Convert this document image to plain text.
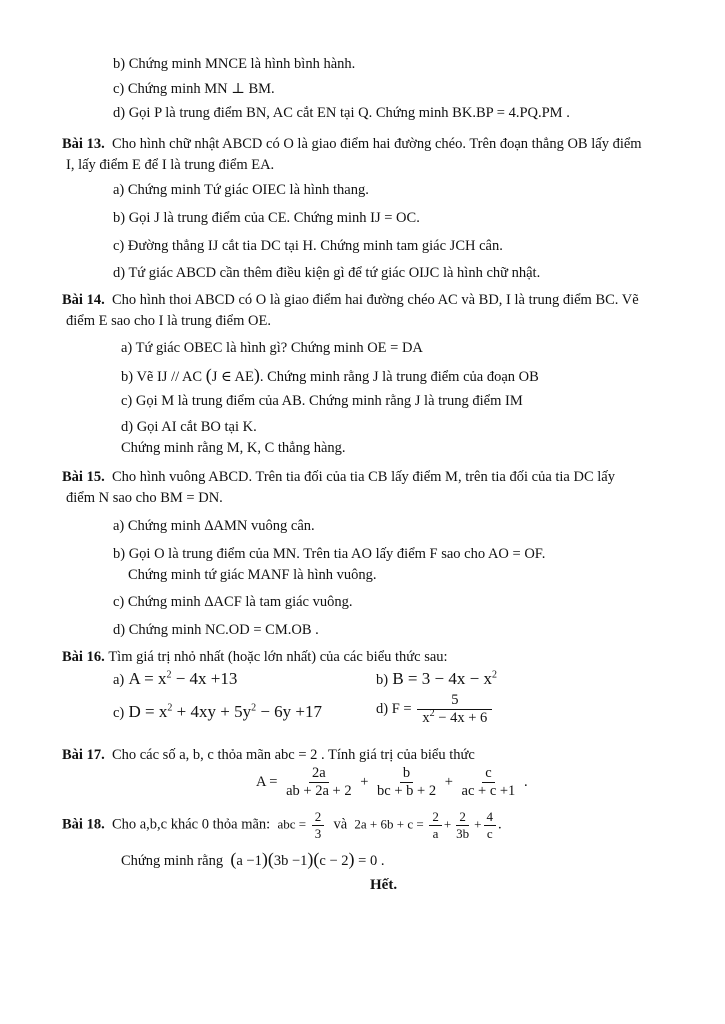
b) Chứng minh MNCE là hình bình hành.
c) Chứng minh MN ⊥ BM.
d) Gọi P là trung điểm BN, AC cắt EN tại Q. Chứng minh BK.BP = 4.PQ.PM .
Bài 13. Cho hình chữ nhật ABCD có O là giao điểm hai đường chéo. Trên đoạn thẳng OB lấy điểm
I, lấy điểm E để I là trung điểm EA.
a) Chứng minh Tứ giác OIEC là hình thang.
b) Gọi J là trung điểm của CE. Chứng minh IJ = OC.
c) Đường thẳng IJ cắt tia DC tại H. Chứng minh tam giác JCH cân.
d) Tứ giác ABCD cần thêm điều kiện gì để tứ giác OIJC là hình chữ nhật.
Bài 14. Cho hình thoi ABCD có O là giao điểm hai đường chéo AC và BD, I là trung điểm BC. Vẽ
điểm E sao cho I là trung điểm OE.
a) Tứ giác OBEC là hình gì? Chứng minh OE = DA
b) Vẽ IJ // AC (J ∈ AE). Chứng minh rằng J là trung điểm của đoạn OB
c) Gọi M là trung điểm của AB. Chứng minh rằng J là trung điểm IM
d) Gọi AI cắt BO tại K.
Chứng minh rằng M, K, C thẳng hàng.
Bài 15. Cho hình vuông ABCD. Trên tia đối của tia CB lấy điểm M, trên tia đối của tia DC lấy
điểm N sao cho BM = DN.
a) Chứng minh ΔAMN vuông cân.
b) Gọi O là trung điểm của MN. Trên tia AO lấy điểm F sao cho AO = OF.
Chứng minh tứ giác MANF là hình vuông.
c) Chứng minh ΔACF là tam giác vuông.
d) Chứng minh NC.OD = CM.OB .
Bài 16. Tìm giá trị nhỏ nhất (hoặc lớn nhất) của các biểu thức sau:
a) $A = x^2 - 4x +13$	b) $B = 3 - 4x - x^2$
c) $D = x^2 + 4xy + 5y^2 - 6y +17$	d) $F = \frac{5}{x^2 - 4x + 6}$
Bài 17. Cho các số a, b, c thỏa mãn abc = 2 . Tính giá trị của biểu thức
$A = \frac{2a}{ab + 2a + 2} + \frac{b}{bc + b + 2} + \frac{c}{ac + c +1}$ .
Bài 18. Cho a,b,c khác 0 thỏa mãn: abc = $\frac{2}{3}$ và $2a + 6b + c = \frac{2}{a} + \frac{2}{3b} + \frac{4}{c}$ .
Chứng minh rằng (a −1)(3b −1)(c − 2) = 0 .
Hết.
